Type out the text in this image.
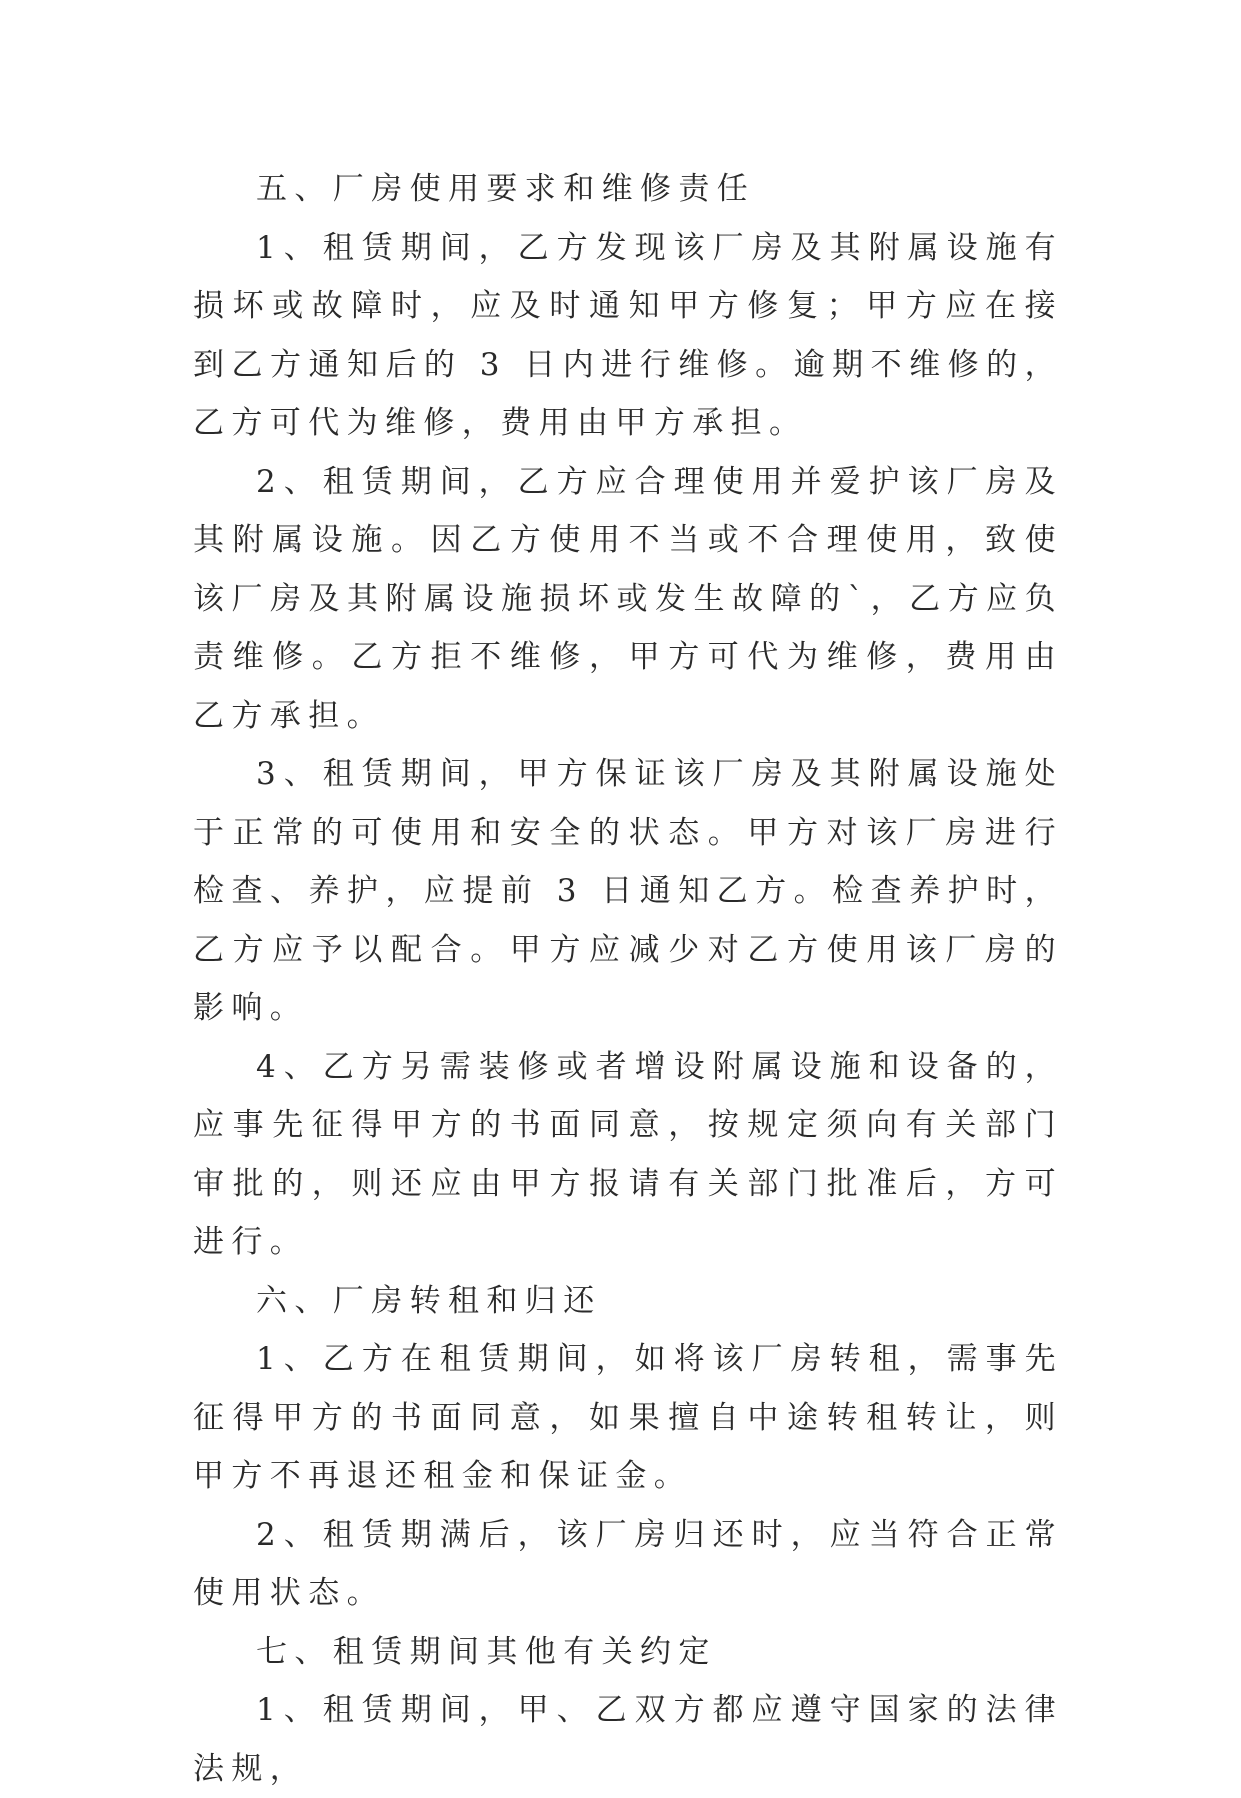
五、厂房使用要求和维修责任

1、租赁期间，乙方发现该厂房及其附属设施有损坏或故障时，应及时通知甲方修复；甲方应在接到乙方通知后的 3 日内进行维修。逾期不维修的，乙方可代为维修，费用由甲方承担。

2、租赁期间，乙方应合理使用并爱护该厂房及其附属设施。因乙方使用不当或不合理使用，致使该厂房及其附属设施损坏或发生故障的`，乙方应负责维修。乙方拒不维修，甲方可代为维修，费用由乙方承担。

3、租赁期间，甲方保证该厂房及其附属设施处于正常的可使用和安全的状态。甲方对该厂房进行检查、养护，应提前 3 日通知乙方。检查养护时，乙方应予以配合。甲方应减少对乙方使用该厂房的影响。

4、乙方另需装修或者增设附属设施和设备的，应事先征得甲方的书面同意，按规定须向有关部门审批的，则还应由甲方报请有关部门批准后，方可进行。

六、厂房转租和归还

1、乙方在租赁期间，如将该厂房转租，需事先征得甲方的书面同意，如果擅自中途转租转让，则甲方不再退还租金和保证金。

2、租赁期满后，该厂房归还时，应当符合正常使用状态。

七、租赁期间其他有关约定

1、租赁期间，甲、乙双方都应遵守国家的法律法规，
